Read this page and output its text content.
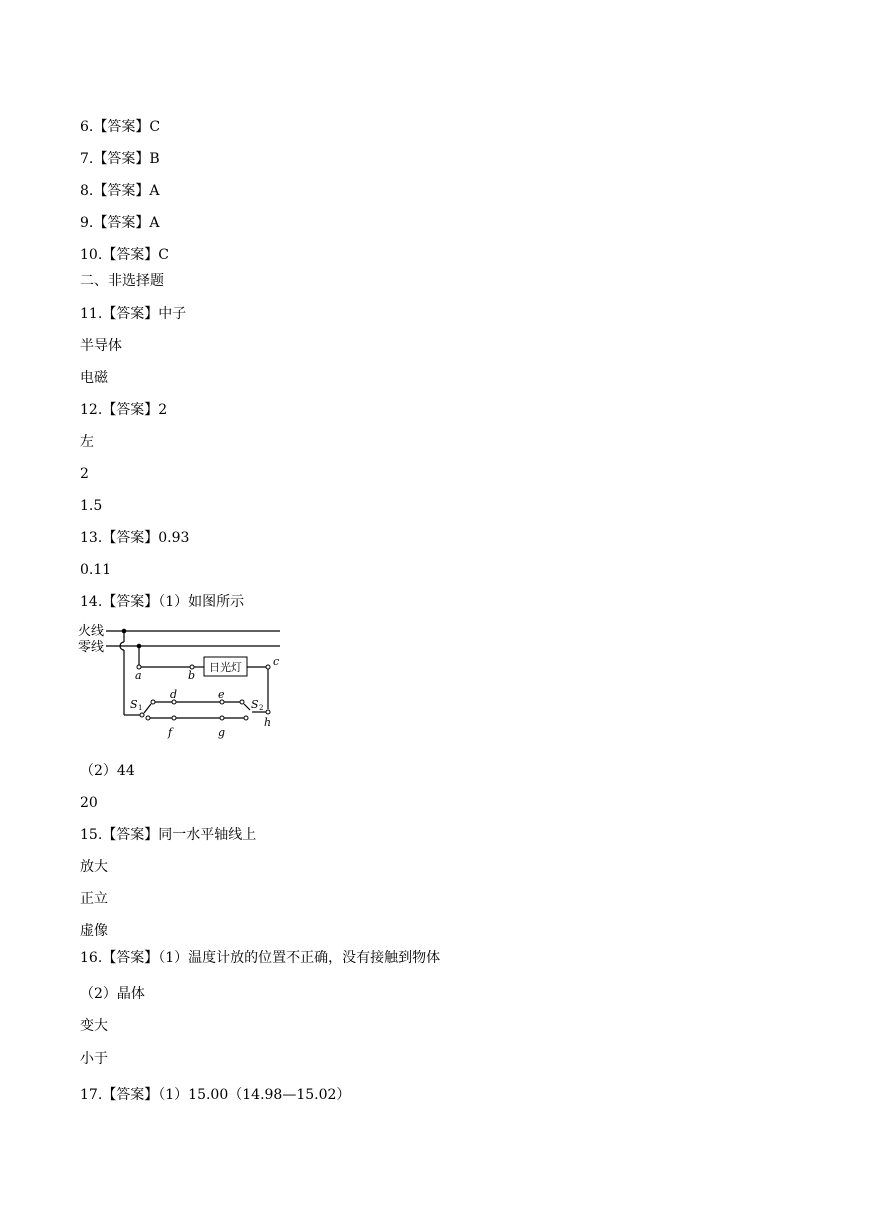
6.【答案】C
7.【答案】B
8.【答案】A
9.【答案】A
10.【答案】C
二、非选择题
11.【答案】中子
半导体
电磁
12.【答案】2
左
2
1.5
13.【答案】0.93
0.11
14.【答案】（1）如图所示
火线
零线
日光灯
a	b
c
d	e
f	g
h
S	S
1	2
（2）44
20
15.【答案】同一水平轴线上
放大
正立
虚像
16.【答案】（1）温度计放的位置不正确，没有接触到物体
（2）晶体
变大
小于
17.【答案】（1）15.00（14.98—15.02）
